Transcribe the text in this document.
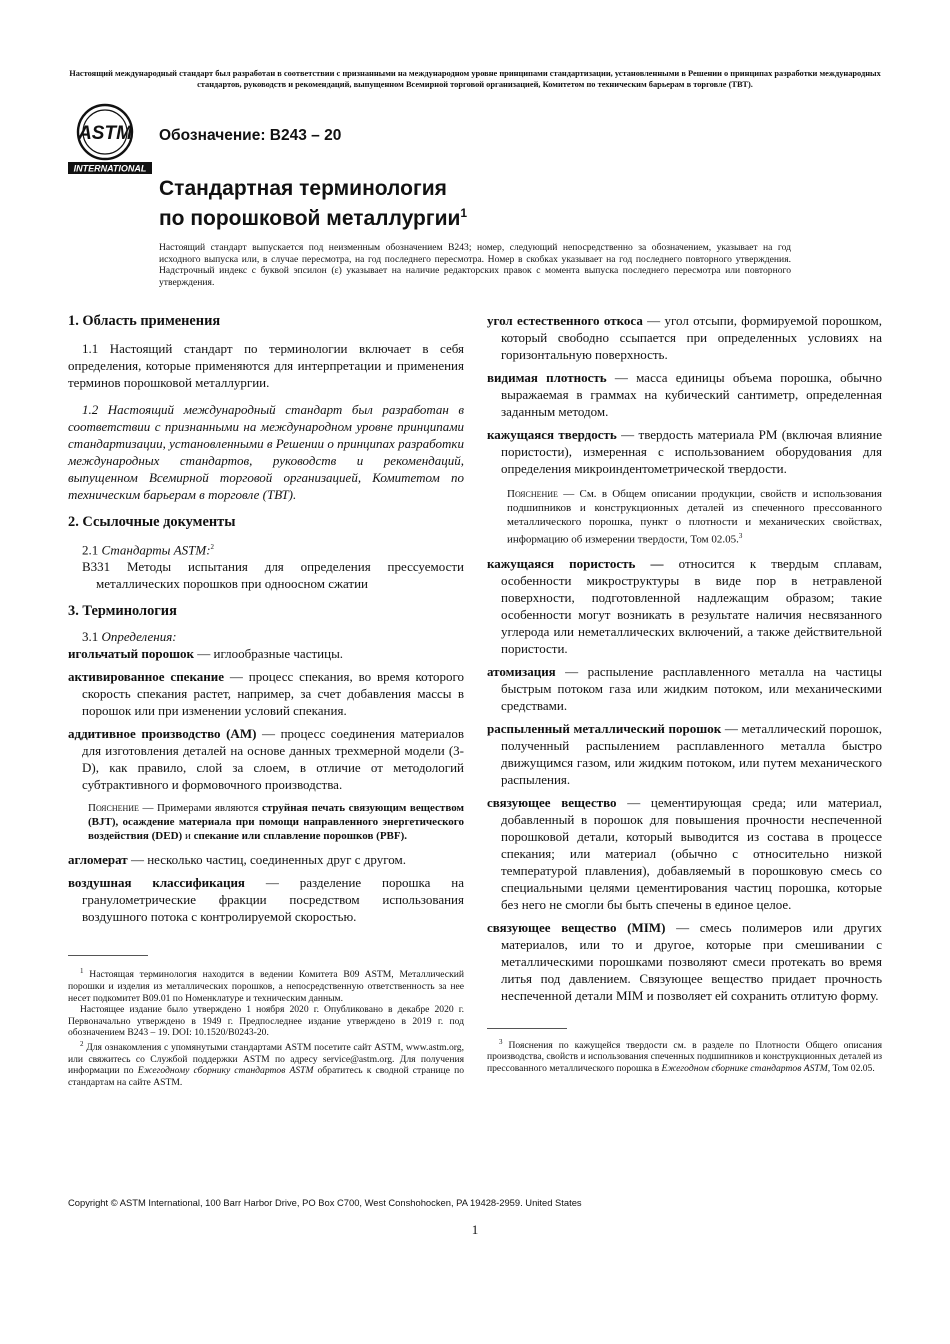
Настоящий международный стандарт был разработан в соответствии с признанными на международном уровне принципами стандартизации, установленными в Решении о принципах разработки международных стандартов, руководств и рекомендаций, выпущенном Всемирной торговой организацией, Комитетом по техническим барьерам в торговле (ТВТ).
ASTM
INTERNATIONAL
Обозначение: B243 – 20
Стандартная терминология
по порошковой металлургии$^1$
Настоящий стандарт выпускается под неизменным обозначением B243; номер, следующий непосредственно за обозначением, указывает на год исходного выпуска или, в случае пересмотра, на год последнего пересмотра. Номер в скобках указывает на год последнего повторного утверждения. Надстрочный индекс с буквой эпсилон (ε) указывает на наличие редакторских правок с момента выпуска последнего пересмотра или повторного утверждения.
1. Область применения

1.1 Настоящий стандарт по терминологии включает в себя определения, которые применяются для интерпретации и применения терминов порошковой металлургии.

1.2 Настоящий международный стандарт был разработан в соответствии с признанными на международном уровне принципами стандартизации, установленными в Решении о принципах разработки международных стандартов, руководств и рекомендаций, выпущенном Всемирной торговой организацией, Комитетом по техническим барьерам в торговле (ТВТ).

2. Ссылочные документы

2.1 Стандарты ASTM:$^2$

B331 Методы испытания для определения прессуемости металлических порошков при одноосном сжатии

3. Терминология

3.1 Определения:

игольчатый порошок — иглообразные частицы.

активированное спекание — процесс спекания, во время которого скорость спекания растет, например, за счет добавления массы в порошок или при изменении условий спекания.

аддитивное производство (AM) — процесс соединения материалов для изготовления деталей на основе данных трехмерной модели (3-D), как правило, слой за слоем, в отличие от методологий субтрактивного и формовочного производства.

Пояснение — Примерами являются струйная печать связующим веществом (BJT), осаждение материала при помощи направленного энергетического воздействия (DED) и спекание или сплавление порошков (PBF).

агломерат — несколько частиц, соединенных друг с другом.

воздушная классификация — разделение порошка на гранулометрические фракции посредством использования воздушного потока с контролируемой скоростью.

$^1$ Настоящая терминология находится в ведении Комитета B09 ASTM, Металлический порошки и изделия из металлических порошков, а непосредственную ответственность за нее несет подкомитет B09.01 по Номенклатуре и техническим данным.

Настоящее издание было утверждено 1 ноября 2020 г. Опубликовано в декабре 2020 г. Первоначально утверждено в 1949 г. Предпоследнее издание утверждено в 2019 г. под обозначением B243 – 19. DOI: 10.1520/B0243-20.

$^2$ Для ознакомления с упомянутыми стандартами ASTM посетите сайт ASTM, www.astm.org, или свяжитесь со Службой поддержки ASTM по адресу service@astm.org. Для получения информации по Ежегодному сборнику стандартов ASTM обратитесь к сводной странице по стандартам на сайте ASTM.

угол естественного откоса — угол отсыпи, формируемой порошком, который свободно ссыпается при определенных условиях на горизонтальную поверхность.

видимая плотность — масса единицы объема порошка, обычно выражаемая в граммах на кубический сантиметр, определенная заданным методом.

кажущаяся твердость — твердость материала PM (включая влияние пористости), измеренная с использованием оборудования для определения микроиндентометрической твердости.

Пояснение — См. в Общем описании продукции, свойств и использования подшипников и конструкционных деталей из спеченного прессованного металлического порошка, пункт о плотности и механических свойствах, информацию об измерении твердости, Том 02.05.$^3$

кажущаяся пористость — относится к твердым сплавам, особенности микроструктуры в виде пор в нетравленой поверхности, подготовленной надлежащим образом; такие особенности могут возникать в результате наличия несвязанного углерода или неметаллических включений, а также действительной пористости.

атомизация — распыление расплавленного металла на частицы быстрым потоком газа или жидким потоком, или механическими средствами.

распыленный металлический порошок — металлический порошок, полученный распылением расплавленного металла быстро движущимся газом, или жидким потоком, или путем механического распыления.

связующее вещество — цементирующая среда; или материал, добавленный в порошок для повышения прочности неспеченной порошковой детали, который выводится из состава в процессе спекания; или материал (обычно с относительно низкой температурой плавления), добавляемый в порошковую смесь со специальными целями цементирования частиц порошка, которые без него не смогли бы быть спечены в единое целое.

связующее вещество (MIM) — смесь полимеров или других материалов, или то и другое, которые при смешивании с металлическими порошками позволяют смеси протекать во время литья под давлением. Связующее вещество придает прочность неспеченной детали MIM и позволяет ей сохранить отлитую форму.

$^3$ Пояснения по кажущейся твердости см. в разделе по Плотности Общего описания производства, свойств и использования спеченных подшипников и конструкционных деталей из прессованного металлического порошка в Ежегодном сборнике стандартов ASTM, Том 02.05.

Copyright © ASTM International, 100 Barr Harbor Drive, PO Box C700, West Conshohocken, PA 19428-2959. United States
1
